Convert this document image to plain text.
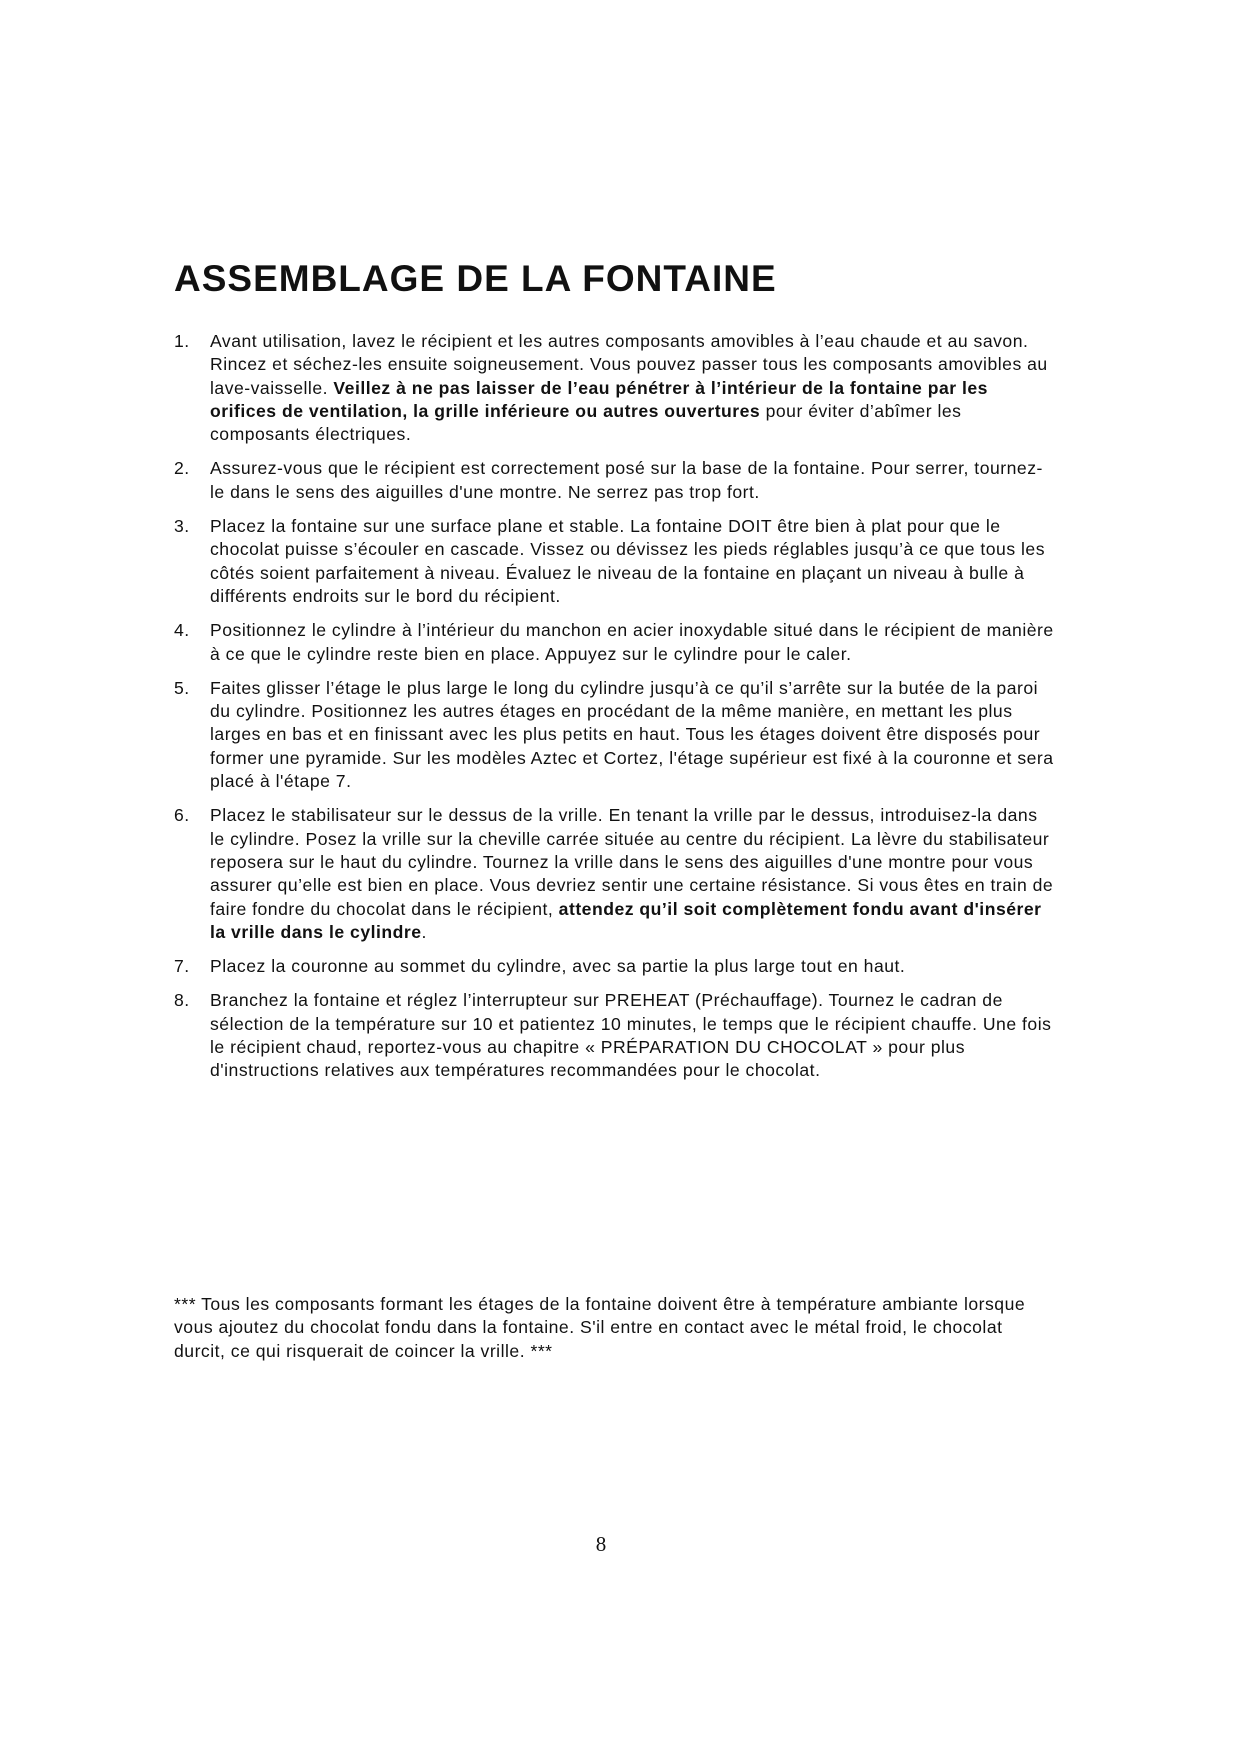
ASSEMBLAGE DE LA FONTAINE
1. Avant utilisation, lavez le récipient et les autres composants amovibles à l’eau chaude et au savon. Rincez et séchez-les ensuite soigneusement. Vous pouvez passer tous les composants amovibles au lave-vaisselle. Veillez à ne pas laisser de l’eau pénétrer à l’intérieur de la fontaine par les orifices de ventilation, la grille inférieure ou autres ouvertures pour éviter d’abîmer les composants électriques.
2. Assurez-vous que le récipient est correctement posé sur la base de la fontaine. Pour serrer, tournez-le dans le sens des aiguilles d'une montre. Ne serrez pas trop fort.
3. Placez la fontaine sur une surface plane et stable. La fontaine DOIT être bien à plat pour que le chocolat puisse s’écouler en cascade. Vissez ou dévissez les pieds réglables jusqu’à ce que tous les côtés soient parfaitement à niveau. Évaluez le niveau de la fontaine en plaçant un niveau à bulle à différents endroits sur le bord du récipient.
4. Positionnez le cylindre à l’intérieur du manchon en acier inoxydable situé dans le récipient de manière à ce que le cylindre reste bien en place. Appuyez sur le cylindre pour le caler.
5. Faites glisser l’étage le plus large le long du cylindre jusqu’à ce qu’il s’arrête sur la butée de la paroi du cylindre. Positionnez les autres étages en procédant de la même manière, en mettant les plus larges en bas et en finissant avec les plus petits en haut. Tous les étages doivent être disposés pour former une pyramide. Sur les modèles Aztec et Cortez, l'étage supérieur est fixé à la couronne et sera placé à l'étape 7.
6. Placez le stabilisateur sur le dessus de la vrille. En tenant la vrille par le dessus, introduisez-la dans le cylindre. Posez la vrille sur la cheville carrée située au centre du récipient. La lèvre du stabilisateur reposera sur le haut du cylindre. Tournez la vrille dans le sens des aiguilles d'une montre pour vous assurer qu’elle est bien en place. Vous devriez sentir une certaine résistance. Si vous êtes en train de faire fondre du chocolat dans le récipient, attendez qu’il soit complètement fondu avant d'insérer la vrille dans le cylindre.
7. Placez la couronne au sommet du cylindre, avec sa partie la plus large tout en haut.
8. Branchez la fontaine et réglez l’interrupteur sur PREHEAT (Préchauffage). Tournez le cadran de sélection de la température sur 10 et patientez 10 minutes, le temps que le récipient chauffe. Une fois le récipient chaud, reportez-vous au chapitre « PRÉPARATION DU CHOCOLAT » pour plus d'instructions relatives aux températures recommandées pour le chocolat.

*** Tous les composants formant les étages de la fontaine doivent être à température ambiante lorsque vous ajoutez du chocolat fondu dans la fontaine. S'il entre en contact avec le métal froid, le chocolat durcit, ce qui risquerait de coincer la vrille. ***

8
